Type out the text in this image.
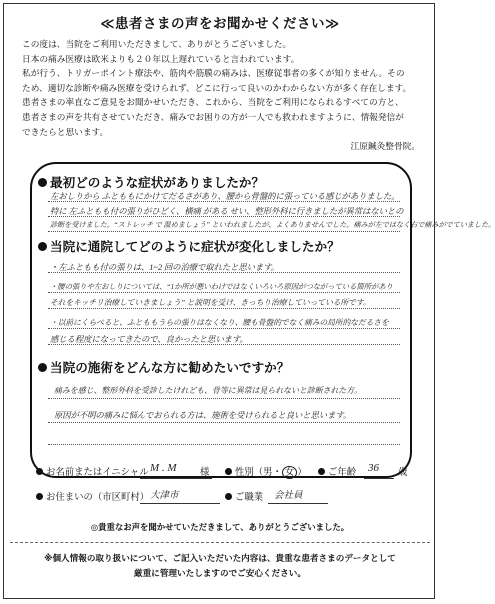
≪患者さまの声をお聞かせください≫
この度は、当院をご利用いただきまして、ありがとうございました。
日本の痛み医療は欧米よりも２０年以上遅れていると言われています。
私が行う、トリガーポイント療法や、筋肉や筋膜の痛みは、医療従事者の多くが知りません。その
ため、適切な診断や痛み医療を受けられず、どこに行って良いのかわからない方が多く存在します。
患者さまの率直なご意見をお聞かせいただき、これから、当院をご利用になられるすべての方と、
患者さまの声を共有させていただき、痛みでお困りの方が一人でも救われますように、情報発信が
できたらと思います。
江原鍼灸整骨院。
最初どのような症状がありましたか？
左おしりから ふとももにかけてだるさがあり、腰から骨盤的に張っている感じがありました。
特に 左ふともも付の張りがひどく、横痛 がある せい、整形外科に行きましたが異常はないとの
診断を受けました。“ストレッチ で 温めましょう” といわれましたが、よくありませんでした。痛みが左ではなく右で痛みがでていました。
当院に通院してどのように症状が変化しましたか？
・左ふともも付の張りは、1~2 回の治療で取れたと思います。
・腰の張りや左おしりについては、“1か所が悪いわけではなくいろいろ原因がつながっている箇所があり
それをキッチリ治療していきましょう” と説明を受け、きっちり治療していっている所です。
・以前にくらべると、ふとももうらの張りはなくなり、腰も骨盤的でなく痛みの局所的なだるさを
感じる程度になってきたので、良かったと思います。
当院の施術をどんな方に勧めたいですか？
痛みを感じ、整形外科を受診したけれども、骨等に異常は見られないと診断された方。
原因が不明の痛みに悩んでおられる方は、施術を受けられると良いと思います。
お名前またはイニシャル M . M 様	性別（男・ 女 ）	ご年齢 36 歳
お住まいの（市区町村） 大津市	ご職業 会社員
◎貴重なお声を聞かせていただきまして、ありがとうございました。
※個人情報の取り扱いについて、ご記入いただいた内容は、貴重な患者さまのデータとして
厳重に管理いたしますのでご安心ください。
